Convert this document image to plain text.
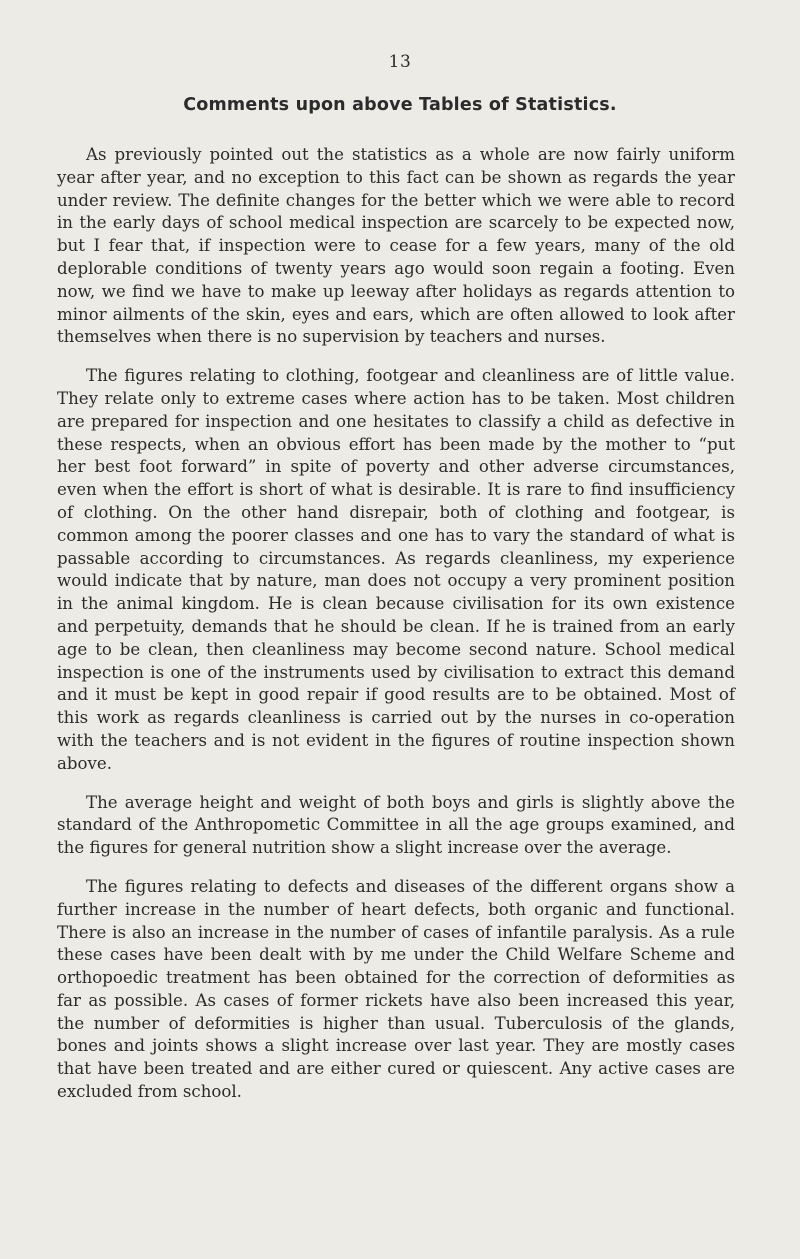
13
Comments upon above Tables of Statistics.

As previously pointed out the statistics as a whole are now fairly uniform year after year, and no exception to this fact can be shown as regards the year under review. The definite changes for the better which we were able to record in the early days of school medical inspection are scarcely to be expected now, but I fear that, if inspection were to cease for a few years, many of the old deplorable conditions of twenty years ago would soon regain a footing. Even now, we find we have to make up leeway after holidays as regards attention to minor ailments of the skin, eyes and ears, which are often allowed to look after themselves when there is no supervision by teachers and nurses.

The figures relating to clothing, footgear and cleanliness are of little value. They relate only to extreme cases where action has to be taken. Most children are prepared for inspection and one hesitates to classify a child as defective in these respects, when an obvious effort has been made by the mother to “put her best foot forward” in spite of poverty and other adverse circumstances, even when the effort is short of what is desirable. It is rare to find insufficiency of clothing. On the other hand disrepair, both of clothing and footgear, is common among the poorer classes and one has to vary the standard of what is passable according to circumstances. As regards cleanliness, my experience would indicate that by nature, man does not occupy a very prominent position in the animal kingdom. He is clean because civilisation for its own existence and perpetuity, demands that he should be clean. If he is trained from an early age to be clean, then cleanliness may become second nature. School medical inspection is one of the instruments used by civilisation to extract this demand and it must be kept in good repair if good results are to be obtained. Most of this work as regards cleanliness is carried out by the nurses in co-operation with the teachers and is not evident in the figures of routine inspection shown above.

The average height and weight of both boys and girls is slightly above the standard of the Anthropometic Committee in all the age groups examined, and the figures for general nutrition show a slight increase over the average.

The figures relating to defects and diseases of the different organs show a further increase in the number of heart defects, both organic and functional. There is also an increase in the number of cases of infantile paralysis. As a rule these cases have been dealt with by me under the Child Welfare Scheme and orthopoedic treatment has been obtained for the correction of deformities as far as possible. As cases of former rickets have also been increased this year, the number of deformities is higher than usual. Tuberculosis of the glands, bones and joints shows a slight increase over last year. They are mostly cases that have been treated and are either cured or quiescent. Any active cases are excluded from school.
